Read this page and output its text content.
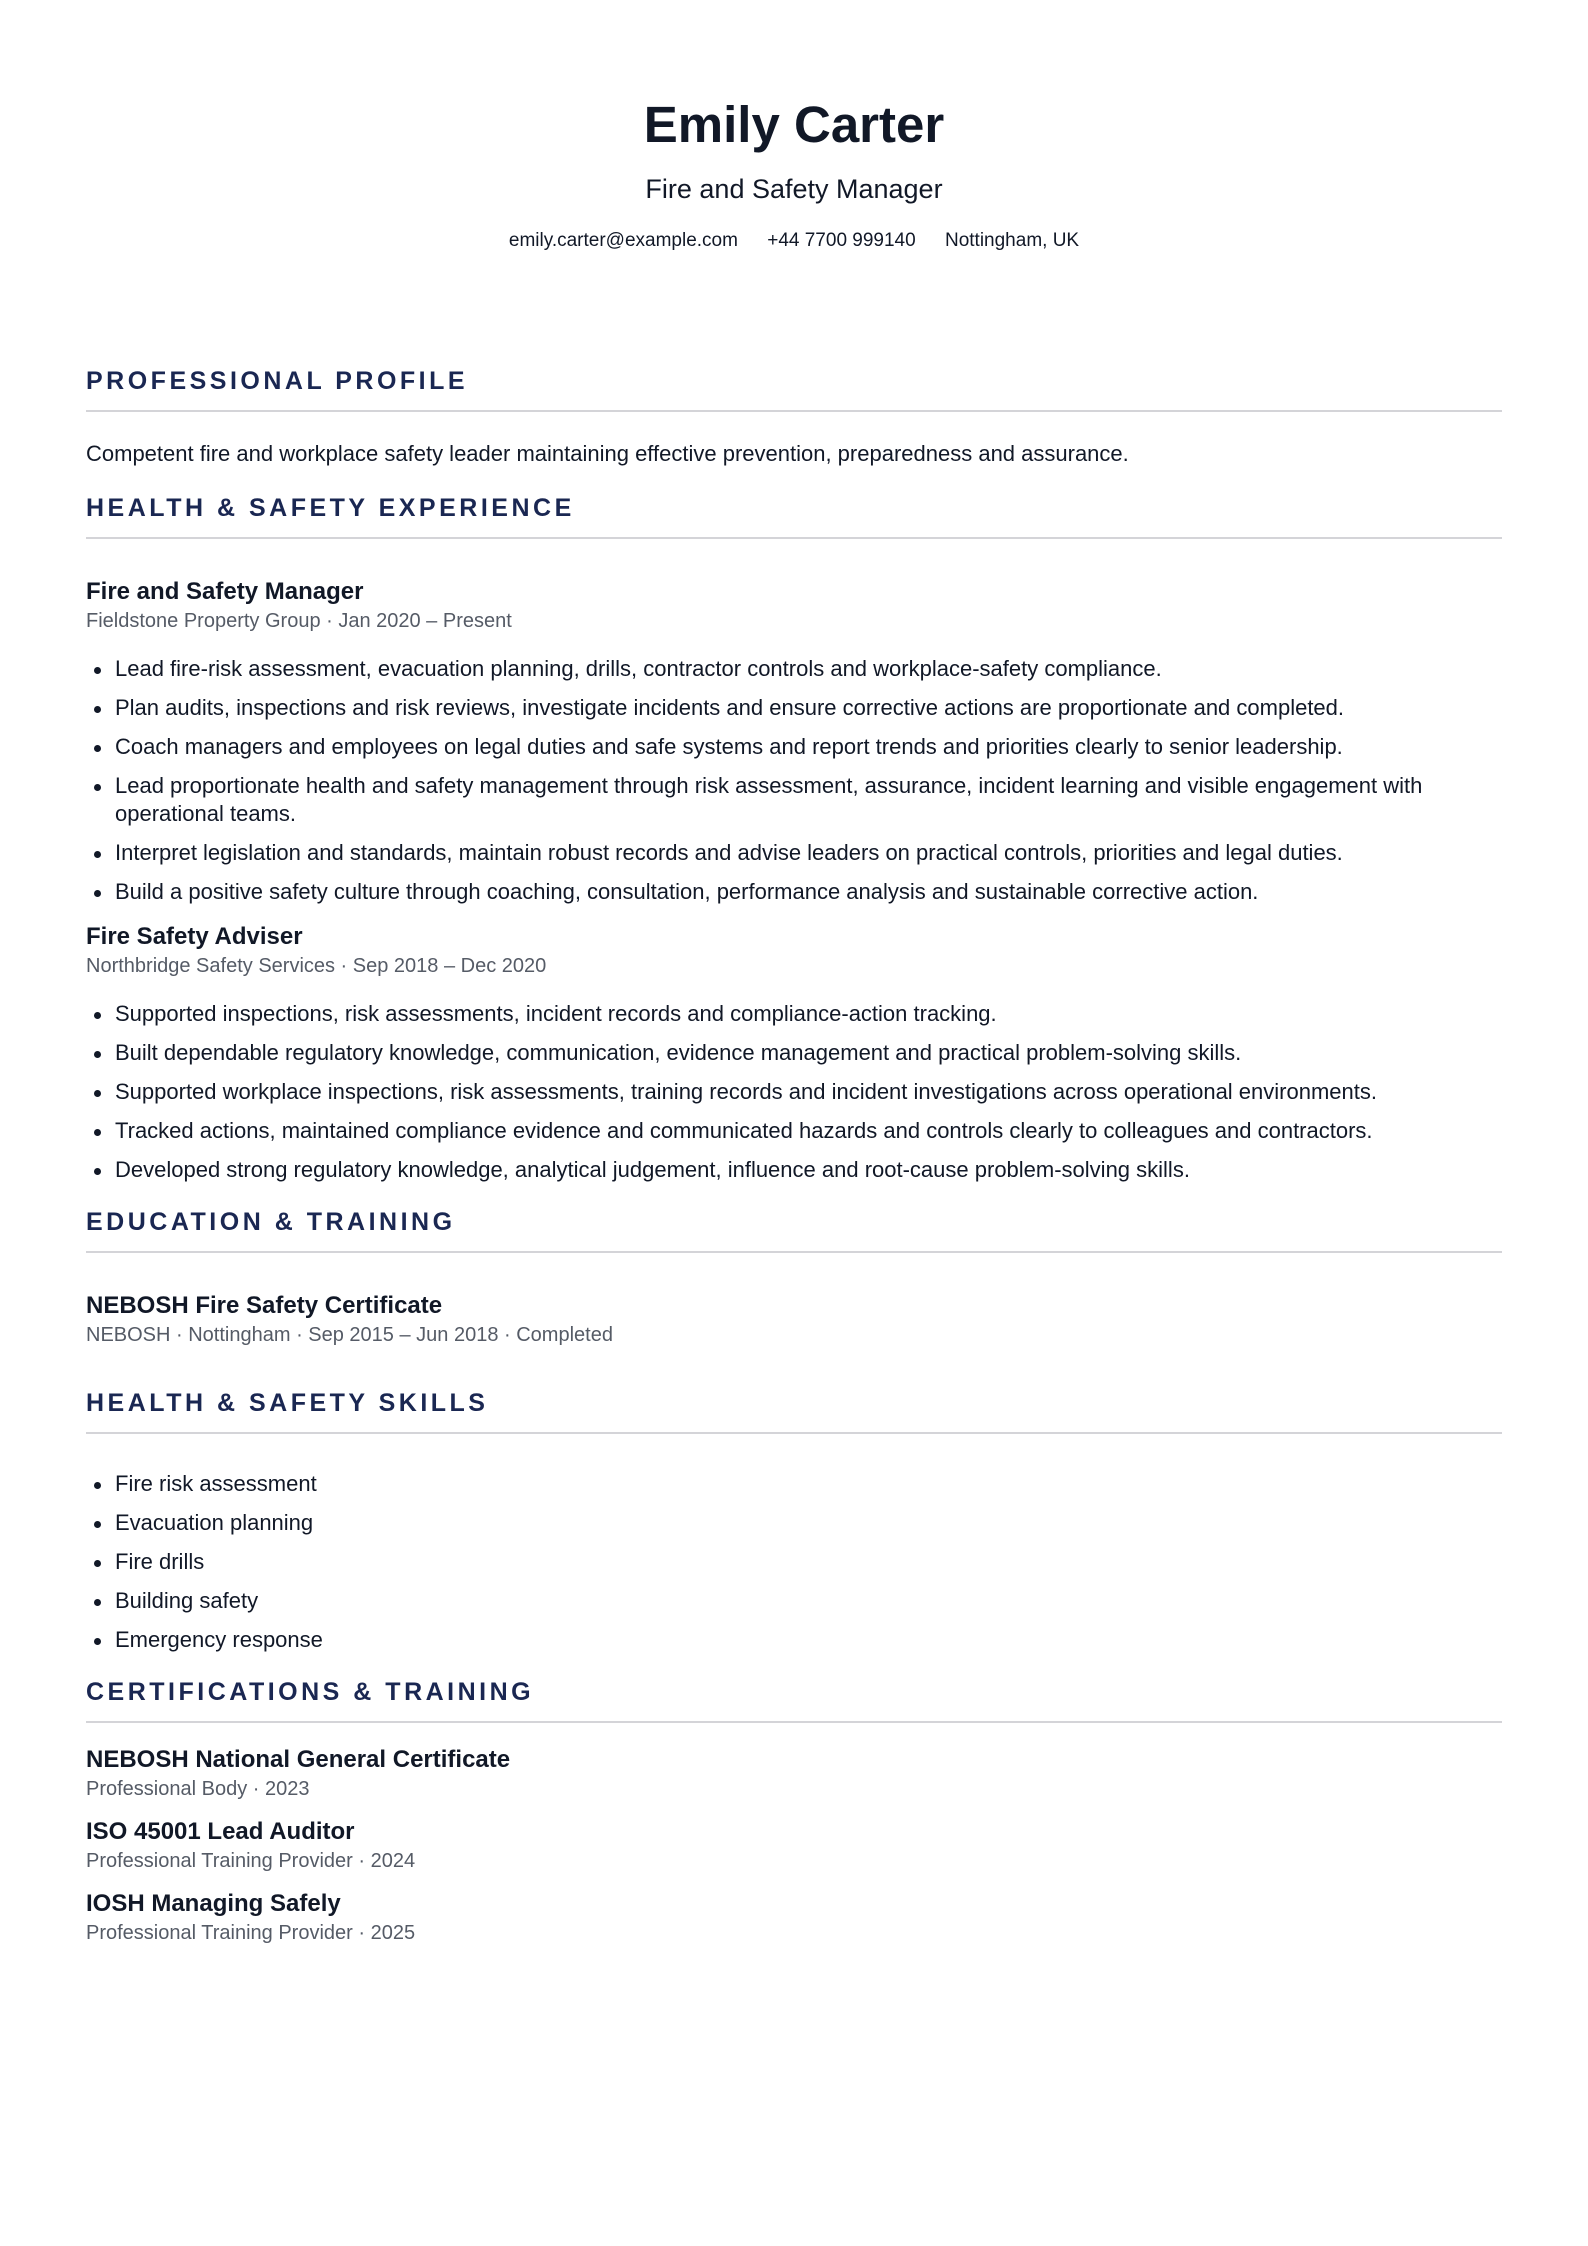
Emily Carter
Fire and Safety Manager
emily.carter@example.com +44 7700 999140 Nottingham, UK
PROFESSIONAL PROFILE
Competent fire and workplace safety leader maintaining effective prevention, preparedness and assurance.
HEALTH & SAFETY EXPERIENCE
Fire and Safety Manager
Fieldstone Property Group · Jan 2020 – Present
Lead fire-risk assessment, evacuation planning, drills, contractor controls and workplace-safety compliance.
Plan audits, inspections and risk reviews, investigate incidents and ensure corrective actions are proportionate and completed.
Coach managers and employees on legal duties and safe systems and report trends and priorities clearly to senior leadership.
Lead proportionate health and safety management through risk assessment, assurance, incident learning and visible engagement with operational teams.
Interpret legislation and standards, maintain robust records and advise leaders on practical controls, priorities and legal duties.
Build a positive safety culture through coaching, consultation, performance analysis and sustainable corrective action.
Fire Safety Adviser
Northbridge Safety Services · Sep 2018 – Dec 2020
Supported inspections, risk assessments, incident records and compliance-action tracking.
Built dependable regulatory knowledge, communication, evidence management and practical problem-solving skills.
Supported workplace inspections, risk assessments, training records and incident investigations across operational environments.
Tracked actions, maintained compliance evidence and communicated hazards and controls clearly to colleagues and contractors.
Developed strong regulatory knowledge, analytical judgement, influence and root-cause problem-solving skills.
EDUCATION & TRAINING
NEBOSH Fire Safety Certificate
NEBOSH · Nottingham · Sep 2015 – Jun 2018 · Completed
HEALTH & SAFETY SKILLS
Fire risk assessment
Evacuation planning
Fire drills
Building safety
Emergency response
CERTIFICATIONS & TRAINING
NEBOSH National General Certificate
Professional Body · 2023
ISO 45001 Lead Auditor
Professional Training Provider · 2024
IOSH Managing Safely
Professional Training Provider · 2025
